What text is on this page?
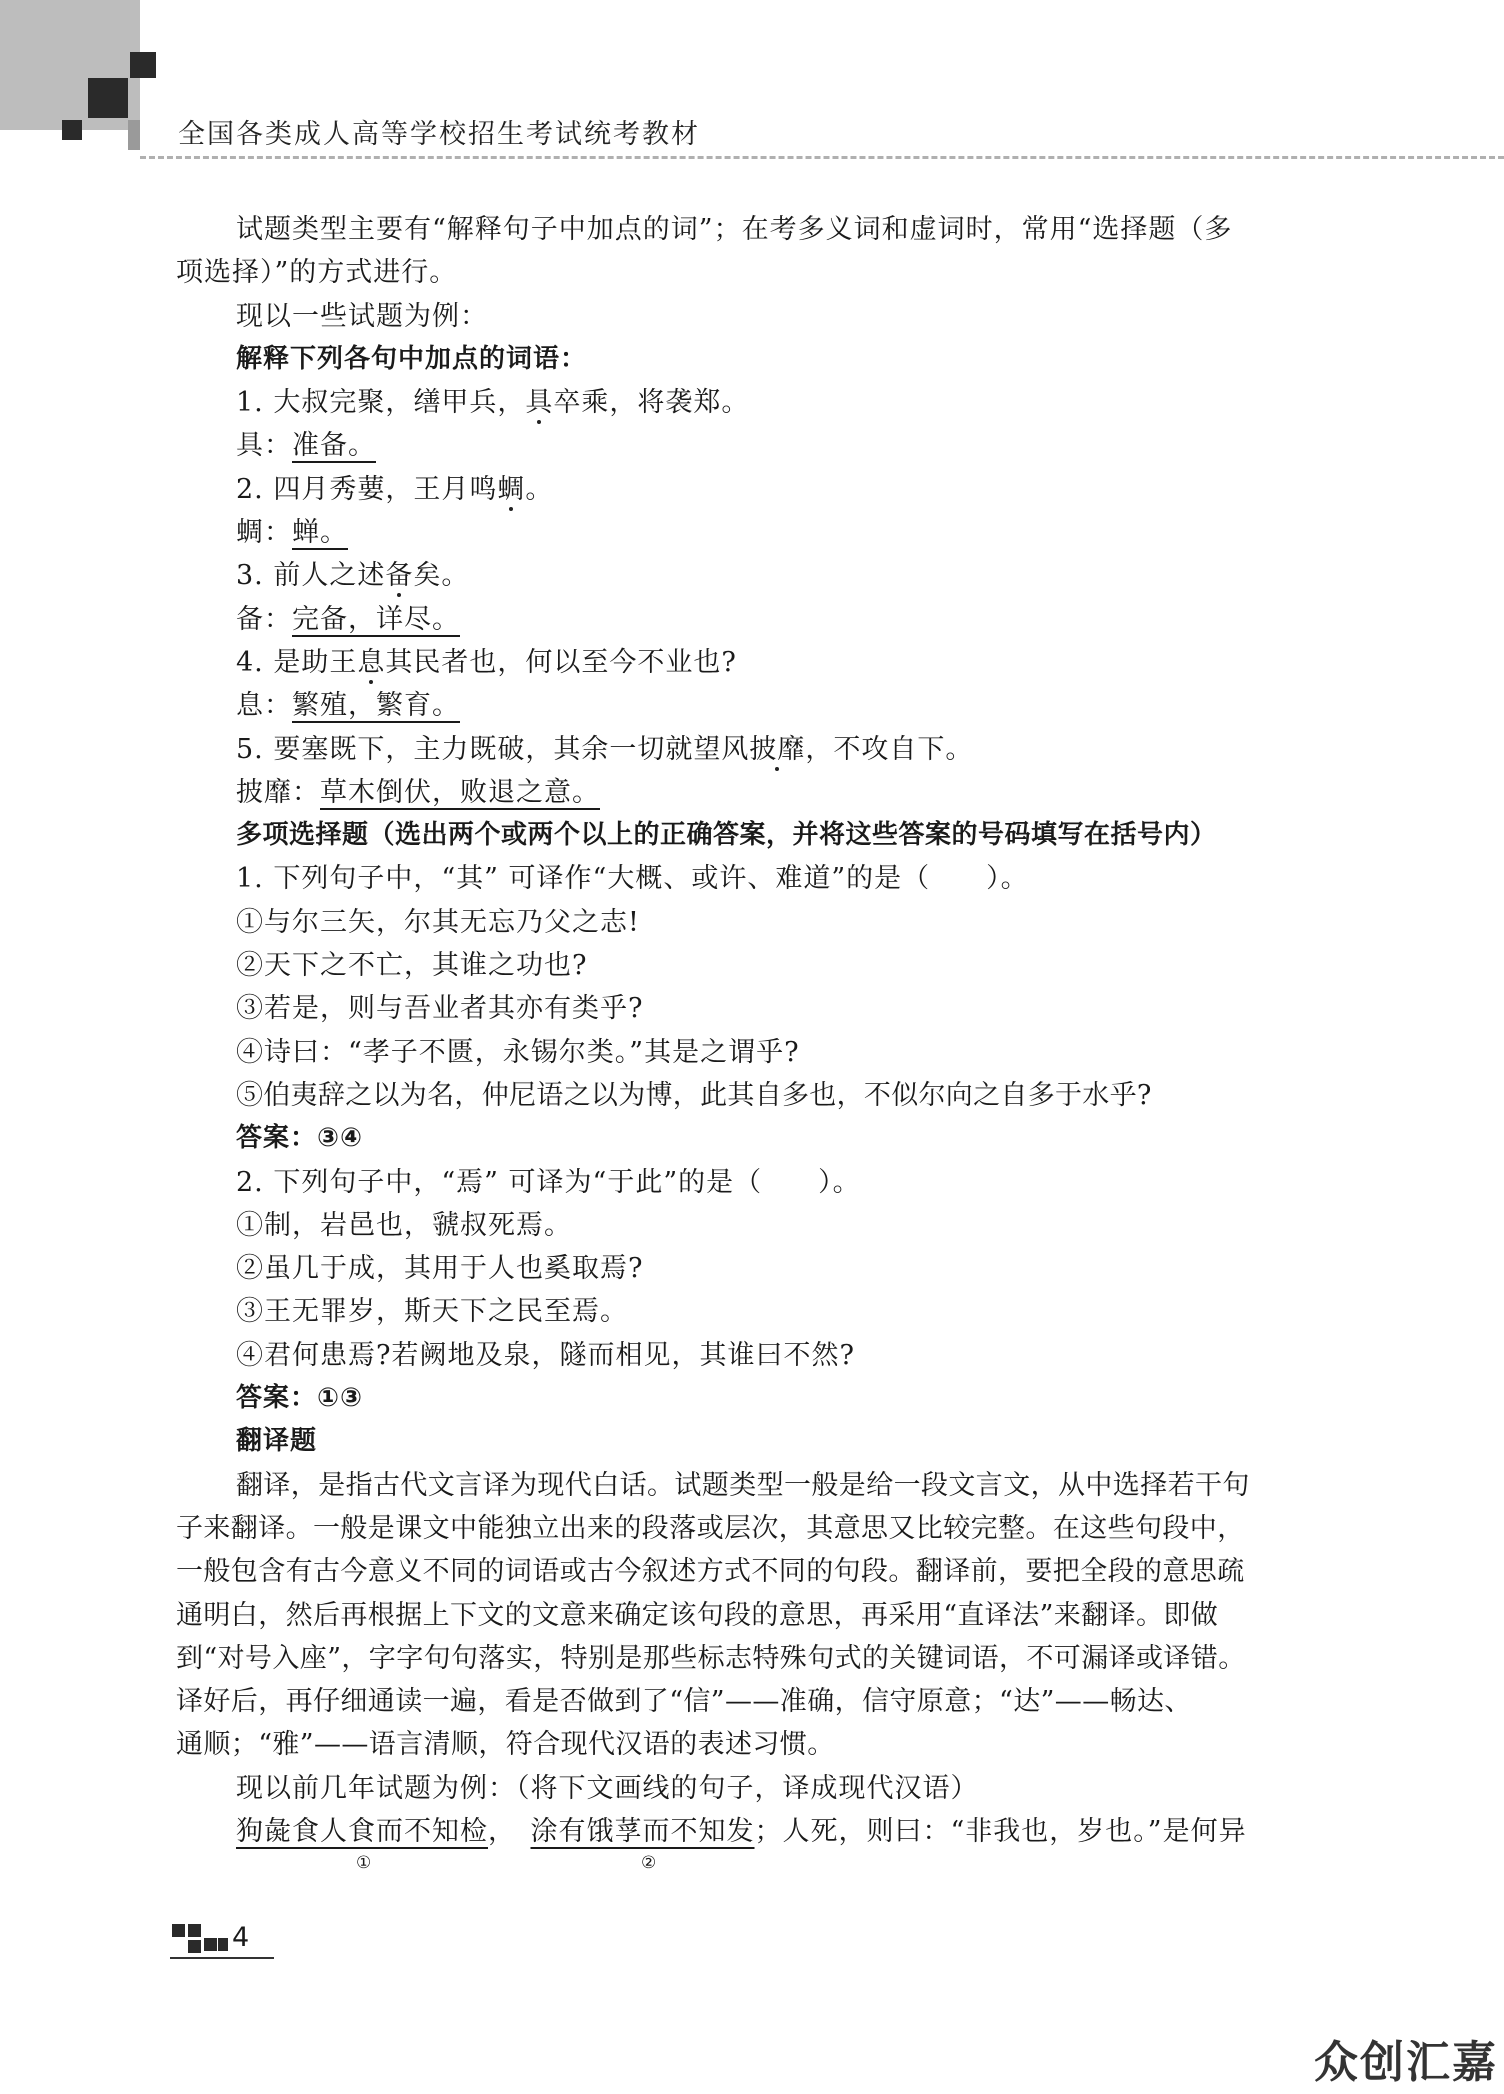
全国各类成人高等学校招生考试统考教材
试题类型主要有“解释句子中加点的词”；在考多义词和虚词时，常用“选择题（多
项选择）”的方式进行。
现以一些试题为例：
解释下列各句中加点的词语：
1. 大叔完聚，缮甲兵，具卒乘，将袭郑。
具：准备。
2. 四月秀葽，王月鸣蜩。
蜩：蝉。
3. 前人之述备矣。
备：完备，详尽。
4. 是助王息其民者也，何以至今不业也?
息：繁殖，繁育。
5. 要塞既下，主力既破，其余一切就望风披靡，不攻自下。
披靡：草木倒伏，败退之意。
多项选择题（选出两个或两个以上的正确答案，并将这些答案的号码填写在括号内）
1. 下列句子中，“其” 可译作“大概、或许、难道”的是（　　）。
①与尔三矢，尔其无忘乃父之志!
②天下之不亡，其谁之功也?
③若是，则与吾业者其亦有类乎?
④诗曰：“孝子不匮，永锡尔类。”其是之谓乎?
⑤伯夷辞之以为名，仲尼语之以为博，此其自多也，不似尔向之自多于水乎?
答案：③④
2. 下列句子中，“焉” 可译为“于此”的是（　　）。
①制，岩邑也，虢叔死焉。
②虽几于成，其用于人也奚取焉?
③王无罪岁，斯天下之民至焉。
④君何患焉?若阙地及泉，隧而相见，其谁曰不然?
答案：①③
翻译题
翻译，是指古代文言译为现代白话。试题类型一般是给一段文言文，从中选择若干句
子来翻译。一般是课文中能独立出来的段落或层次，其意思又比较完整。在这些句段中，
一般包含有古今意义不同的词语或古今叙述方式不同的句段。翻译前，要把全段的意思疏
通明白，然后再根据上下文的文意来确定该句段的意思，再采用“直译法”来翻译。即做
到“对号入座”，字字句句落实，特别是那些标志特殊句式的关键词语，不可漏译或译错。
译好后，再仔细通读一遍，看是否做到了“信”——准确，信守原意；“达”——畅达、
通顺；“雅”——语言清顺，符合现代汉语的表述习惯。
现以前几年试题为例：（将下文画线的句子，译成现代汉语）
狗彘食人食而不知检，　 涂有饿莩而不知发；人死，则曰：“非我也，岁也。”是何异
①	②
4
众创汇嘉
